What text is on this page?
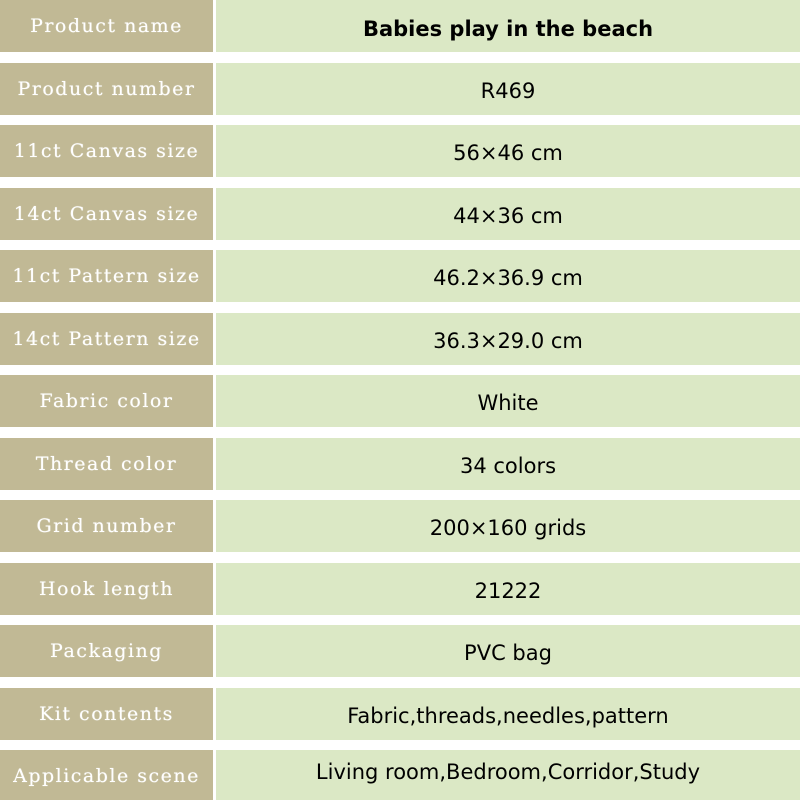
Product name	Babies play in the beach
Product number	R469
11ct Canvas size	56×46 cm
14ct Canvas size	44×36 cm
11ct Pattern size	46.2×36.9 cm
14ct Pattern size	36.3×29.0 cm
Fabric color	White
Thread color	34 colors
Grid number	200×160 grids
Hook length	21222
Packaging	PVC bag
Kit contents	Fabric,threads,needles,pattern
Applicable scene	Living room,Bedroom,Corridor,Study
